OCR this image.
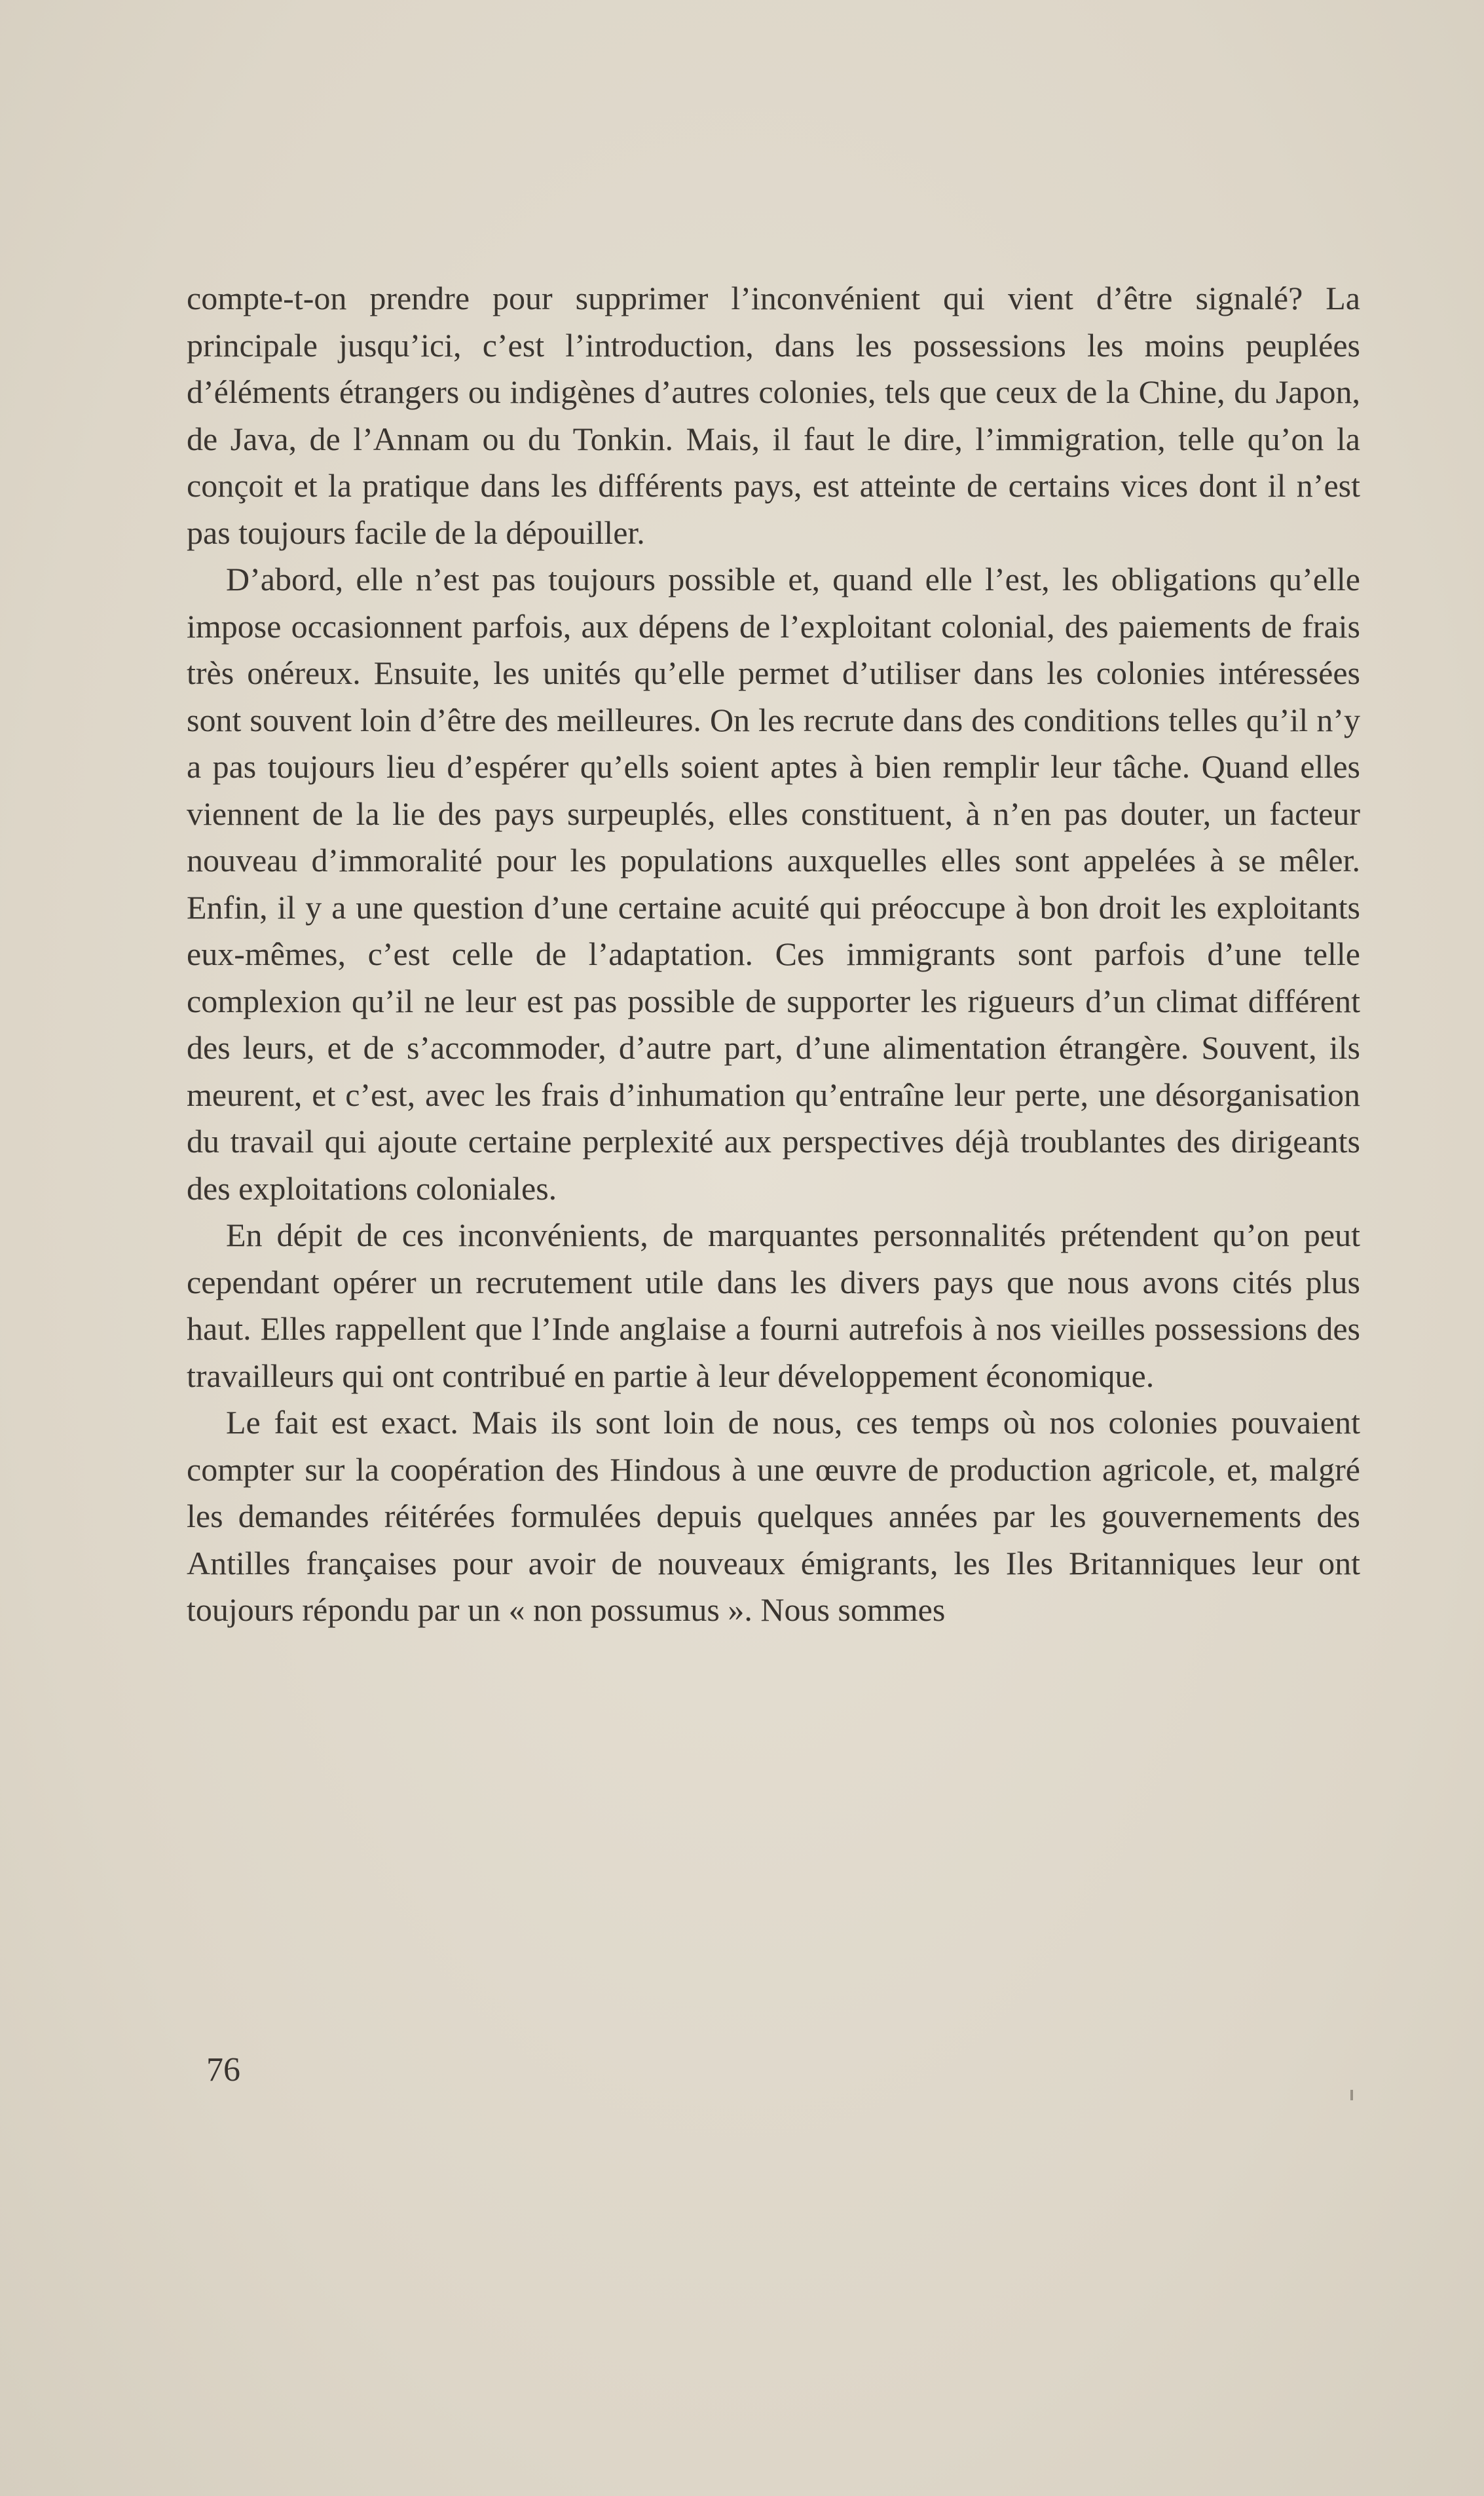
compte-t-on prendre pour supprimer l’inconvénient qui vient d’être signalé? La principale jusqu’ici, c’est l’introduction, dans les possessions les moins peuplées d’éléments étrangers ou indigènes d’autres colonies, tels que ceux de la Chine, du Japon, de Java, de l’Annam ou du Tonkin. Mais, il faut le dire, l’immigration, telle qu’on la conçoit et la pratique dans les différents pays, est atteinte de certains vices dont il n’est pas toujours facile de la dépouiller.

D’abord, elle n’est pas toujours possible et, quand elle l’est, les obligations qu’elle impose occasionnent parfois, aux dépens de l’exploitant colonial, des paiements de frais très onéreux. Ensuite, les unités qu’elle permet d’utiliser dans les colonies intéressées sont souvent loin d’être des meilleures. On les recrute dans des conditions telles qu’il n’y a pas toujours lieu d’espérer qu’ells soient aptes à bien remplir leur tâche. Quand elles viennent de la lie des pays surpeuplés, elles constituent, à n’en pas douter, un facteur nouveau d’immoralité pour les populations auxquelles elles sont appelées à se mêler. Enfin, il y a une question d’une certaine acuité qui préoccupe à bon droit les exploitants eux-mêmes, c’est celle de l’adaptation. Ces immigrants sont parfois d’une telle complexion qu’il ne leur est pas possible de supporter les rigueurs d’un climat différent des leurs, et de s’accommoder, d’autre part, d’une alimentation étrangère. Souvent, ils meurent, et c’est, avec les frais d’inhumation qu’entraîne leur perte, une désorganisation du travail qui ajoute certaine perplexité aux perspectives déjà troublantes des dirigeants des exploitations coloniales.

En dépit de ces inconvénients, de marquantes personnalités prétendent qu’on peut cependant opérer un recrutement utile dans les divers pays que nous avons cités plus haut. Elles rappellent que l’Inde anglaise a fourni autrefois à nos vieilles possessions des travailleurs qui ont contribué en partie à leur développement économique.

Le fait est exact. Mais ils sont loin de nous, ces temps où nos colonies pouvaient compter sur la coopération des Hindous à une œuvre de production agricole, et, malgré les demandes réitérées formulées depuis quelques années par les gouvernements des Antilles françaises pour avoir de nouveaux émigrants, les Iles Britanniques leur ont toujours répondu par un « non possumus ». Nous sommes

76
